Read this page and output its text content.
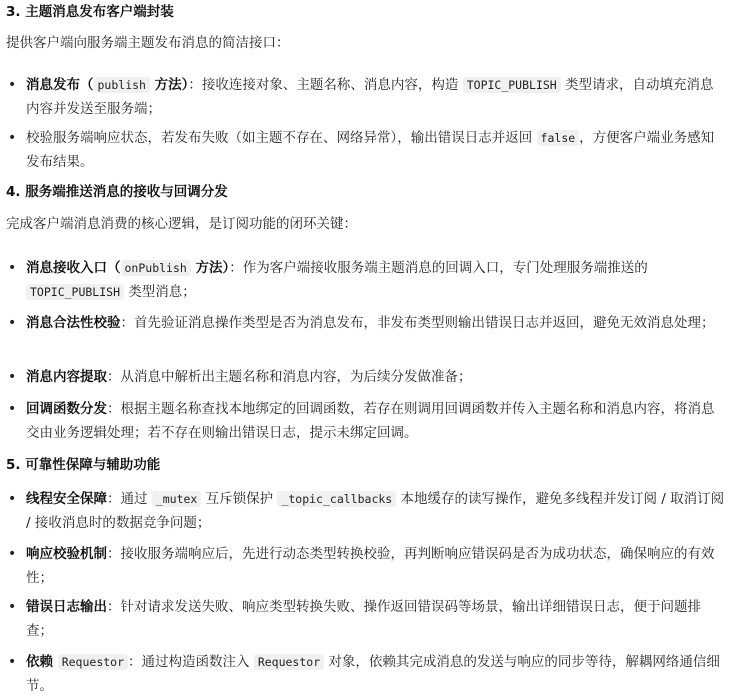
3. 主题消息发布客户端封装
提供客户端向服务端主题发布消息的简洁接口：
• 消息发布（ publish 方法）：接收连接对象、主题名称、消息内容，构造 TOPIC_PUBLISH 类型请求，自动填充消息内容并发送至服务端；
• 校验服务端响应状态，若发布失败（如主题不存在、网络异常），输出错误日志并返回 false ，方便客户端业务感知发布结果。
4. 服务端推送消息的接收与回调分发
完成客户端消息消费的核心逻辑，是订阅功能的闭环关键：
• 消息接收入口（ onPublish 方法）：作为客户端接收服务端主题消息的回调入口，专门处理服务端推送的 TOPIC_PUBLISH 类型消息；
• 消息合法性校验：首先验证消息操作类型是否为消息发布，非发布类型则输出错误日志并返回，避免无效消息处理；
• 消息内容提取：从消息中解析出主题名称和消息内容，为后续分发做准备；
• 回调函数分发：根据主题名称查找本地绑定的回调函数，若存在则调用回调函数并传入主题名称和消息内容，将消息交由业务逻辑处理；若不存在则输出错误日志，提示未绑定回调。
5. 可靠性保障与辅助功能
• 线程安全保障：通过 _mutex 互斥锁保护 _topic_callbacks 本地缓存的读写操作，避免多线程并发订阅 / 取消订阅 / 接收消息时的数据竞争问题；
• 响应校验机制：接收服务端响应后，先进行动态类型转换校验，再判断响应错误码是否为成功状态，确保响应的有效性；
• 错误日志输出：针对请求发送失败、响应类型转换失败、操作返回错误码等场景，输出详细错误日志，便于问题排查；
• 依赖 Requestor ：通过构造函数注入 Requestor 对象，依赖其完成消息的发送与响应的同步等待，解耦网络通信细节。
